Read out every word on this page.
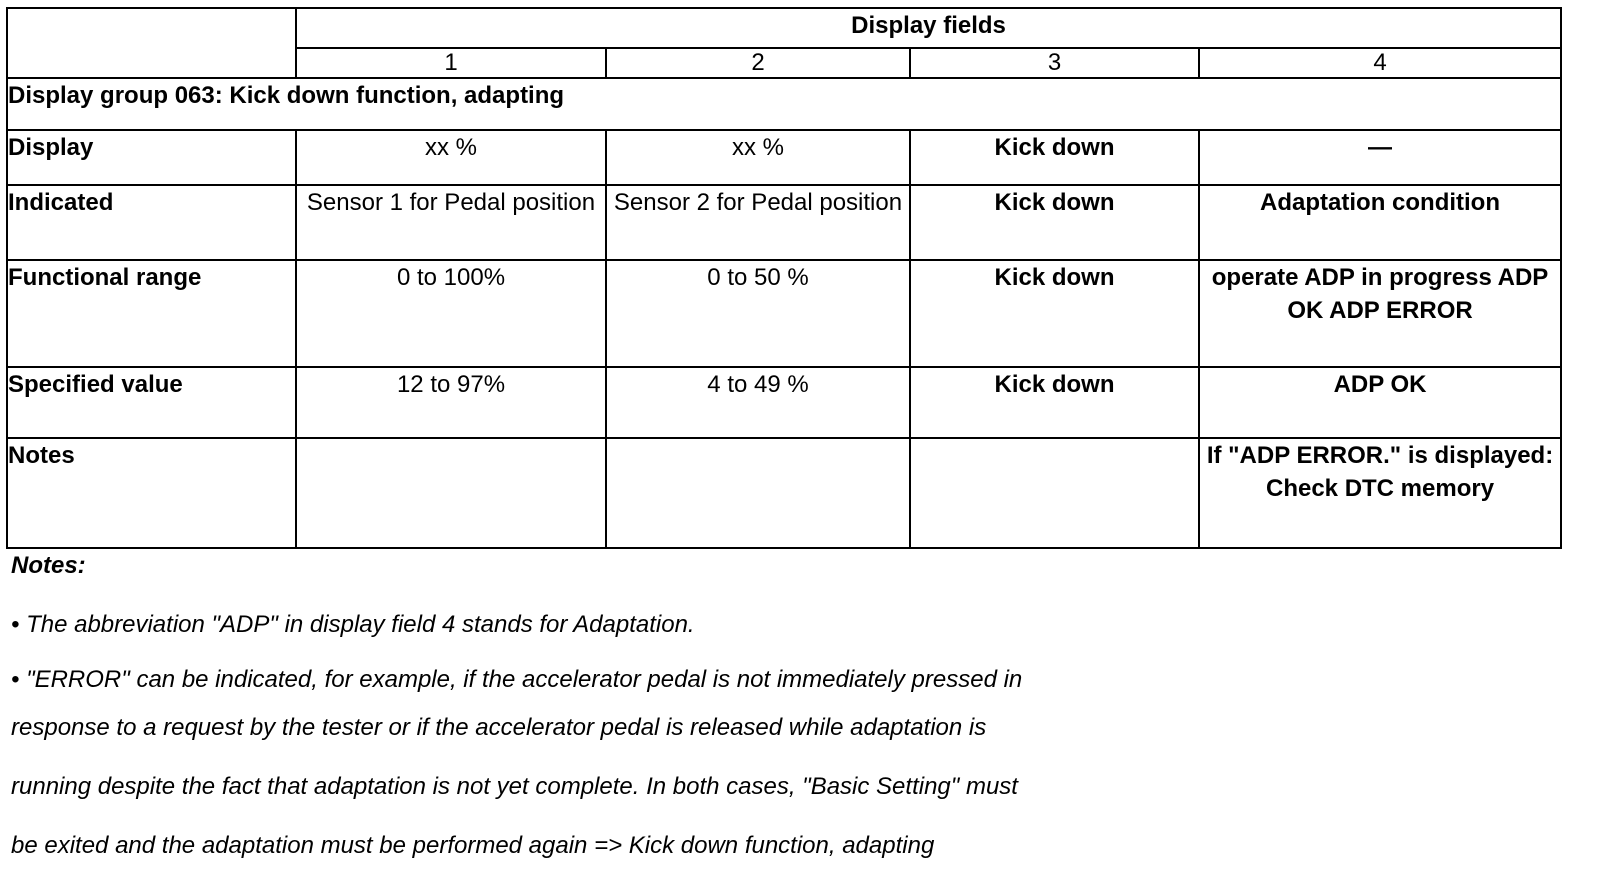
	Display fields			
	1	2	3	4
Display group 063: Kick down function, adapting				
Display	xx %	xx %	Kick down	—
Indicated	Sensor 1 for Pedal position	Sensor 2 for Pedal position	Kick down	Adaptation condition
Functional range	0 to 100%	0 to 50 %	Kick down	operate ADP in progress ADP OK ADP ERROR
Specified value	12 to 97%	4 to 49 %	Kick down	ADP OK
Notes				If "ADP ERROR." is displayed: Check DTC memory
Notes:
• The abbreviation "ADP" in display field 4 stands for Adaptation.
• "ERROR" can be indicated, for example, if the accelerator pedal is not immediately pressed in
response to a request by the tester or if the accelerator pedal is released while adaptation is
running despite the fact that adaptation is not yet complete. In both cases, "Basic Setting" must
be exited and the adaptation must be performed again => Kick down function, adapting
